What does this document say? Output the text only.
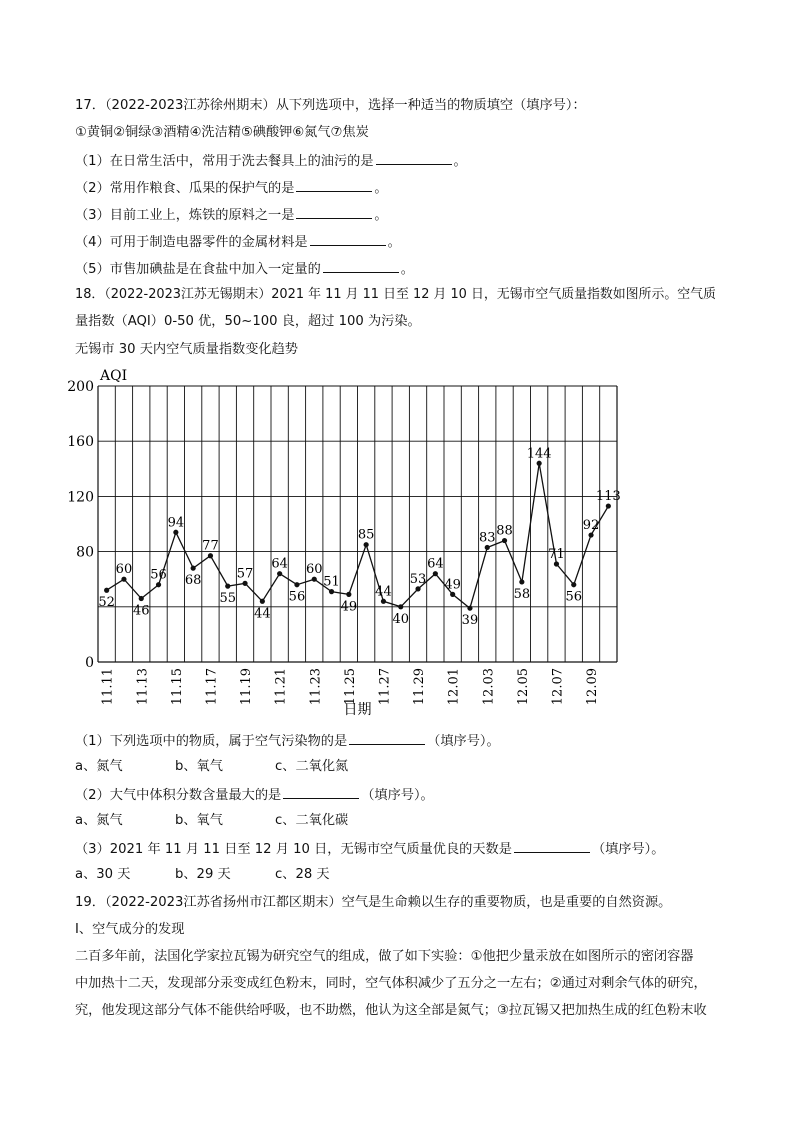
17．（2022-2023江苏徐州期末）从下列选项中，选择一种适当的物质填空（填序号）：
①黄铜②铜绿③酒精④洗洁精⑤碘酸钾⑥氮气⑦焦炭
（1）在日常生活中，常用于洗去餐具上的油污的是	。
（2）常用作粮食、瓜果的保护气的是	。
（3）目前工业上，炼铁的原料之一是	。
（4）可用于制造电器零件的金属材料是	。
（5）市售加碘盐是在食盐中加入一定量的	。
18．（2022-2023江苏无锡期末）2021 年 11 月 11 日至 12 月 10 日，无锡市空气质量指数如图所示。空气质
量指数（AQI）0-50 优，50~100 良，超过 100 为污染。
无锡市 30 天内空气质量指数变化趋势
0
80
120
160
200
AQI
11.11 11.13 11.15 11.17 11.19 11.21 11.23 11.25 11.27 11.29 12.01 12.03 12.05 12.07 12.09
日期
52
60
46
56
94
68
77
55
57
44
64
56
60
51
49
85
44
40
53
64
49
39
83 88
58
144
71
56
92
113
（1）下列选项中的物质，属于空气污染物的是	（填序号）。
a、氮气	b、氧气	c、二氧化氮
（2）大气中体积分数含量最大的是	（填序号）。
a、氮气	b、氧气	c、二氧化碳
（3）2021 年 11 月 11 日至 12 月 10 日，无锡市空气质量优良的天数是	（填序号）。
a、30 天	b、29 天	c、28 天
19．（2022-2023江苏省扬州市江都区期末）空气是生命赖以生存的重要物质，也是重要的自然资源。
I、空气成分的发现
二百多年前，法国化学家拉瓦锡为研究空气的组成，做了如下实验：①他把少量汞放在如图所示的密闭容器
中加热十二天，发现部分汞变成红色粉末，同时，空气体积减少了五分之一左右；②通过对剩余气体的研究，
究，他发现这部分气体不能供给呼吸，也不助燃，他认为这全部是氮气；③拉瓦锡又把加热生成的红色粉末收
